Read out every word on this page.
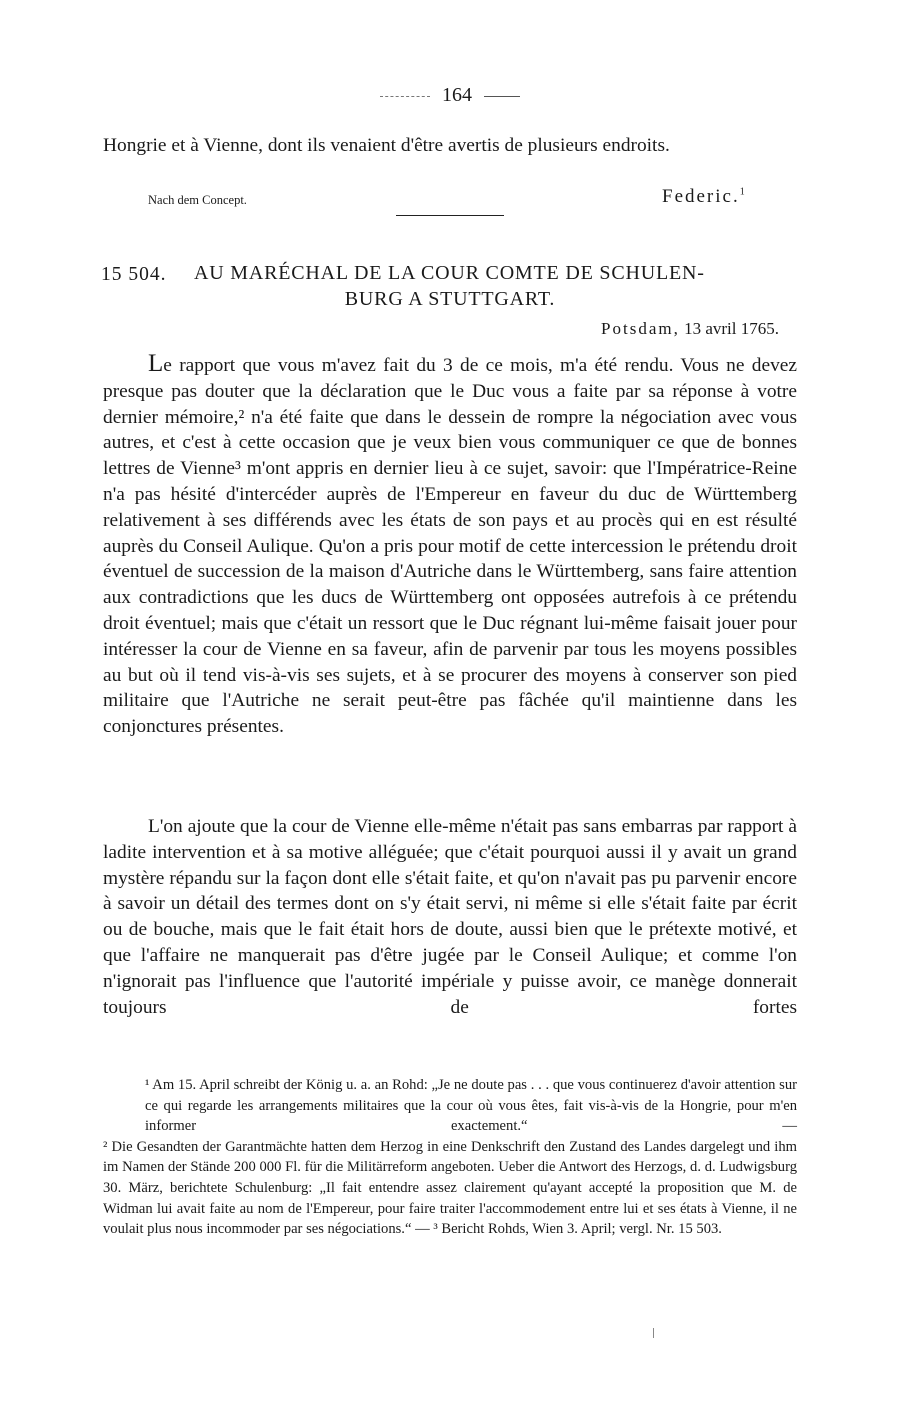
164

Hongrie et à Vienne, dont ils venaient d'être avertis de plusieurs endroits.

Nach dem Concept.	Federic.$^1$
15 504. AU MARÉCHAL DE LA COUR COMTE DE SCHULEN-
BURG A STUTTGART.
Potsdam, 13 avril 1765.

Le rapport que vous m'avez fait du 3 de ce mois, m'a été rendu. Vous ne devez presque pas douter que la déclaration que le Duc vous a faite par sa réponse à votre dernier mémoire,² n'a été faite que dans le dessein de rompre la négociation avec vous autres, et c'est à cette occasion que je veux bien vous communiquer ce que de bonnes lettres de Vienne³ m'ont appris en dernier lieu à ce sujet, savoir: que l'Impératrice-Reine n'a pas hésité d'intercéder auprès de l'Empereur en faveur du duc de Württemberg relativement à ses différends avec les états de son pays et au procès qui en est résulté auprès du Conseil Aulique. Qu'on a pris pour motif de cette intercession le prétendu droit éventuel de succession de la maison d'Autriche dans le Württemberg, sans faire attention aux contradictions que les ducs de Württemberg ont opposées autrefois à ce prétendu droit éventuel; mais que c'était un ressort que le Duc régnant lui-même faisait jouer pour intéresser la cour de Vienne en sa faveur, afin de parvenir par tous les moyens possibles au but où il tend vis-à-vis ses sujets, et à se procurer des moyens à conserver son pied militaire que l'Autriche ne serait peut-être pas fâchée qu'il maintienne dans les conjonctures présentes.

L'on ajoute que la cour de Vienne elle-même n'était pas sans embarras par rapport à ladite intervention et à sa motive alléguée; que c'était pourquoi aussi il y avait un grand mystère répandu sur la façon dont elle s'était faite, et qu'on n'avait pas pu parvenir encore à savoir un détail des termes dont on s'y était servi, ni même si elle s'était faite par écrit ou de bouche, mais que le fait était hors de doute, aussi bien que le prétexte motivé, et que l'affaire ne manquerait pas d'être jugée par le Conseil Aulique; et comme l'on n'ignorait pas l'influence que l'autorité impériale y puisse avoir, ce manège donnerait toujours de fortes

¹ Am 15. April schreibt der König u. a. an Rohd: „Je ne doute pas . . . que vous continuerez d'avoir attention sur ce qui regarde les arrangements militaires que la cour où vous êtes, fait vis-à-vis de la Hongrie, pour m'en informer exactement.“ —

² Die Gesandten der Garantmächte hatten dem Herzog in eine Denkschrift den Zustand des Landes dargelegt und ihm im Namen der Stände 200 000 Fl. für die Militärreform angeboten. Ueber die Antwort des Herzogs, d. d. Ludwigsburg 30. März, berichtete Schulenburg: „Il fait entendre assez clairement qu'ayant accepté la proposition que M. de Widman lui avait faite au nom de l'Empereur, pour faire traiter l'accommodement entre lui et ses états à Vienne, il ne voulait plus nous incommoder par ses négociations.“ — ³ Bericht Rohds, Wien 3. April; vergl. Nr. 15 503.
